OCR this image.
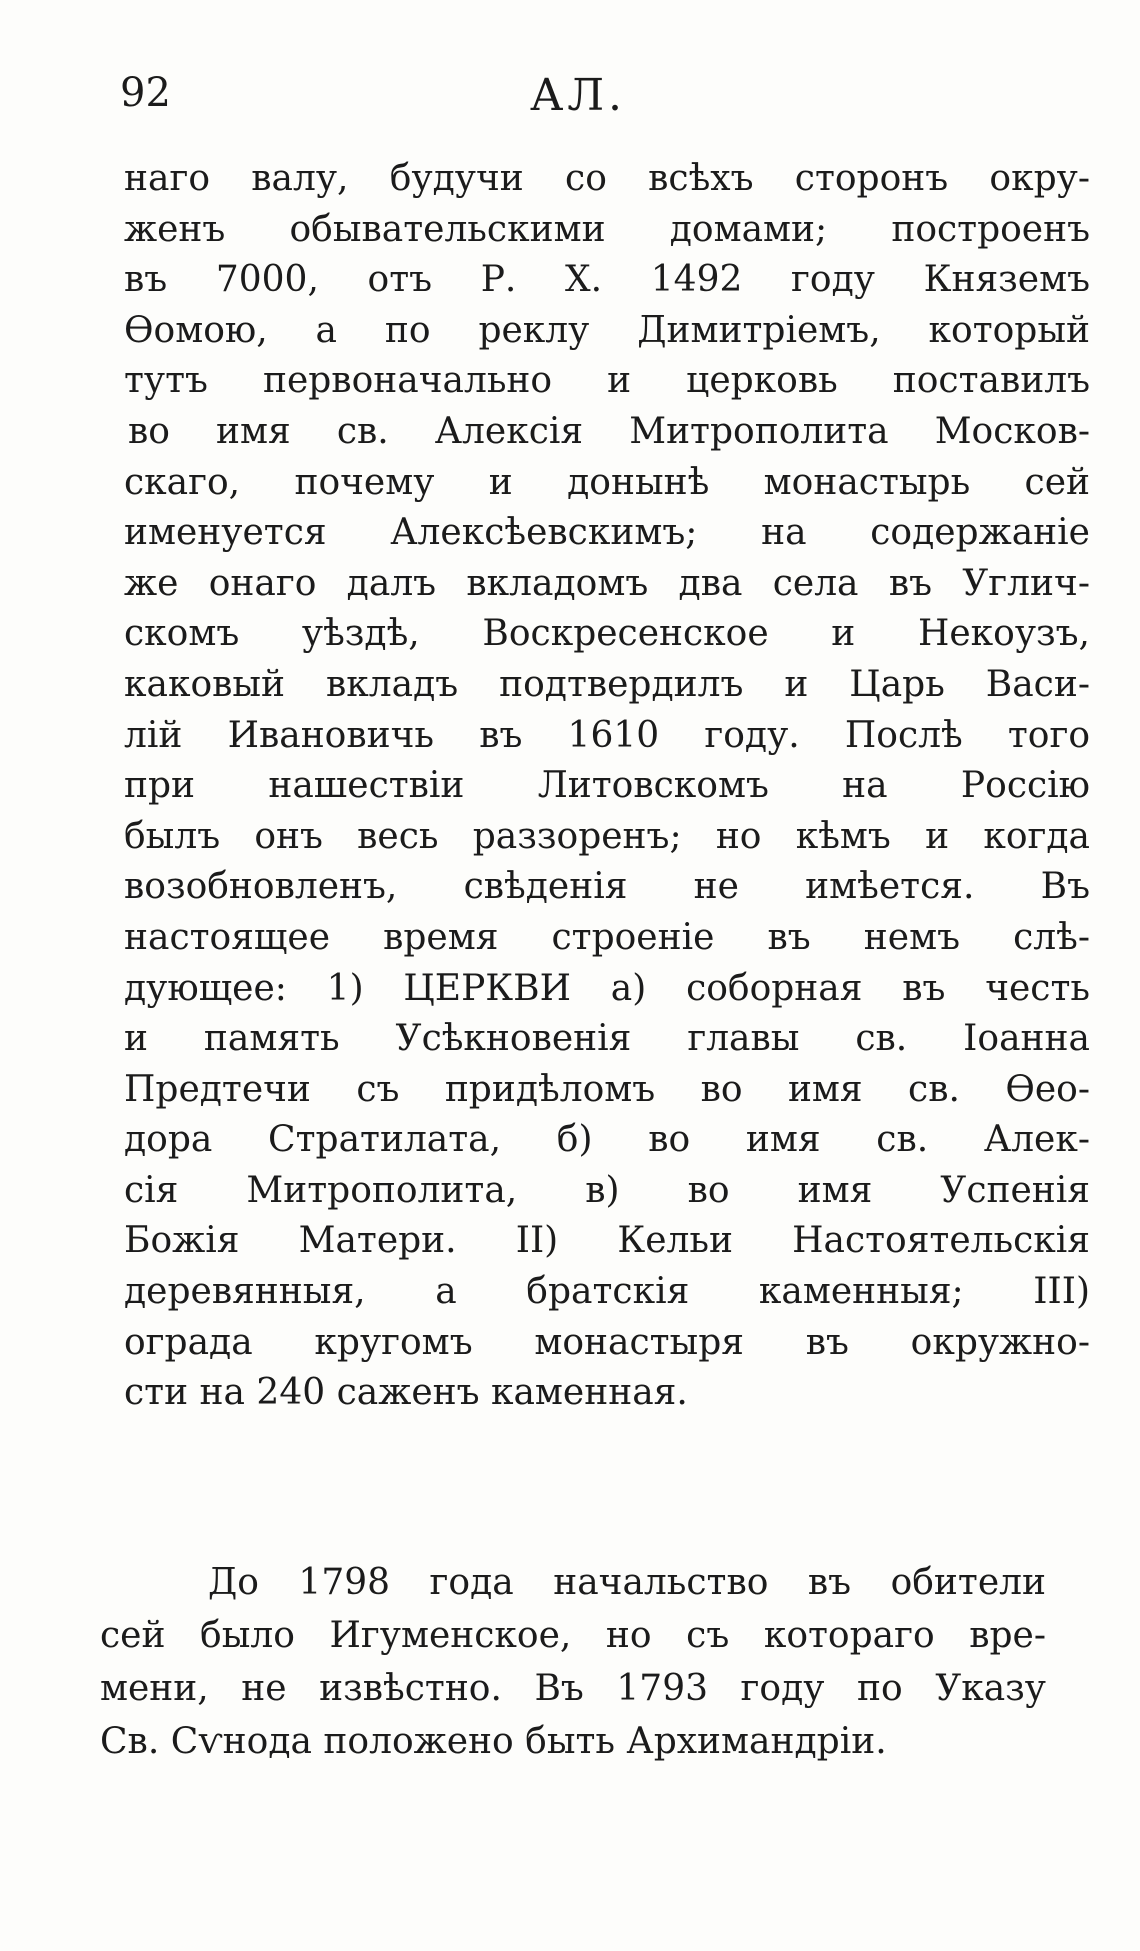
92	АЛ.
наго валу, будучи со всѣхъ сторонъ окру-
женъ обывательскими домами; построенъ
въ 7000, отъ Р. Х. 1492 году Княземъ
Ѳомою, а по реклу Димитріемъ, который
тутъ первоначально и церковь поставилъ
во имя св. Алексія Митрополита Москов-
скаго, почему и донынѣ монастырь сей
именуется Алексѣевскимъ; на содержаніе
же онаго далъ вкладомъ два села въ Углич-
скомъ уѣздѣ, Воскресенское и Некоузъ,
каковый вкладъ подтвердилъ и Царь Васи-
лій Ивановичь въ 1610 году. Послѣ того
при нашествіи Литовскомъ на Россію
былъ онъ весь раззоренъ; но кѣмъ и когда
возобновленъ, свѣденія не имѣется. Въ
настоящее время строеніе въ немъ слѣ-
дующее: 1) ЦЕРКВИ а) соборная въ честь
и память Усѣкновенія главы св. Іоанна
Предтечи съ придѣломъ во имя св. Ѳео-
дора Стратилата, б) во имя св. Алек-
сія Митрополита, в) во имя Успенія
Божія Матери. II) Кельи Настоятельскія
деревянныя, а братскія каменныя; III)
ограда кругомъ монастыря въ окружно-
сти на 240 саженъ каменная.
До 1798 года начальство въ обители
сей было Игуменское, но съ котораго вре-
мени, не извѣстно. Въ 1793 году по Указу
Св. Сѵнода положено быть Архимандріи.
